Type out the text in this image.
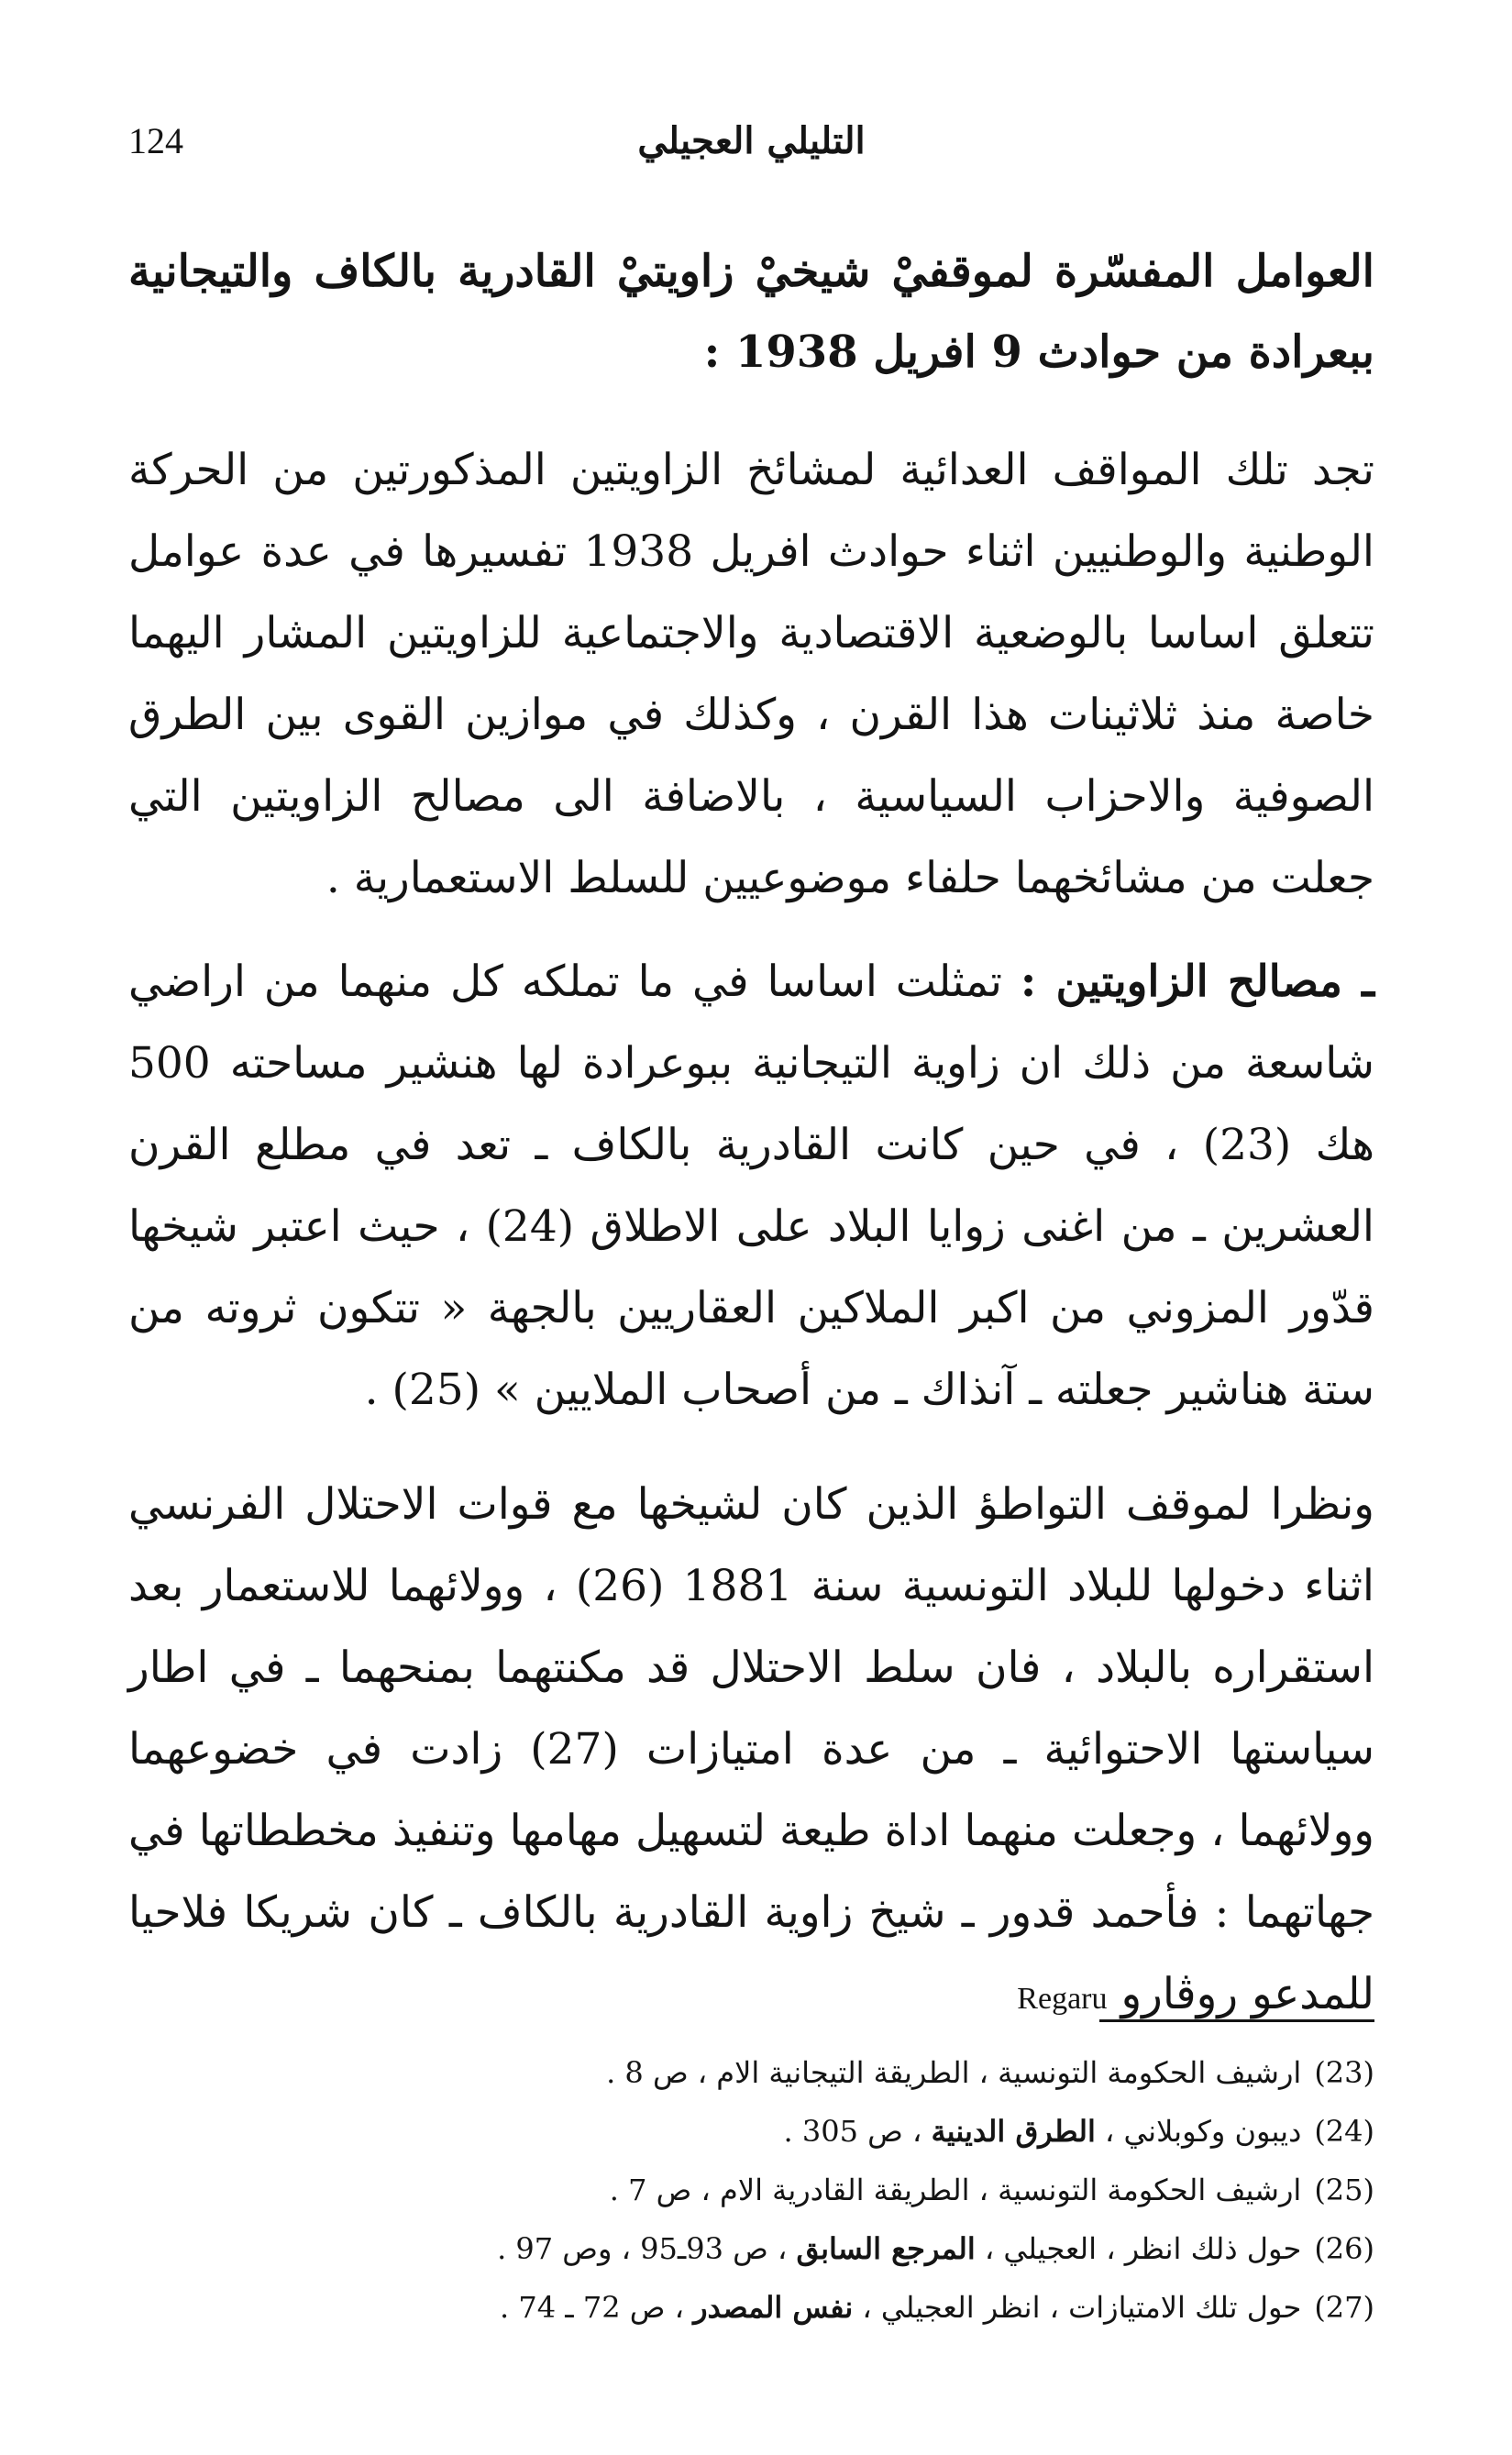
124	التليلي العجيلي
العوامل المفسّرة لموقفيْ شيخيْ زاويتيْ القادرية بالكاف والتيجانية ببعرادة من حوادث 9 افريل 1938 :

تجد تلك المواقف العدائية لمشائخ الزاويتين المذكورتين من الحركة الوطنية والوطنيين اثناء حوادث افريل 1938 تفسيرها في عدة عوامل تتعلق اساسا بالوضعية الاقتصادية والاجتماعية للزاويتين المشار اليهما خاصة منذ ثلاثينات هذا القرن ، وكذلك في موازين القوى بين الطرق الصوفية والاحزاب السياسية ، بالاضافة الى مصالح الزاويتين التي جعلت من مشائخهما حلفاء موضوعيين للسلط الاستعمارية .

ـ مصالح الزاويتين : تمثلت اساسا في ما تملكه كل منهما من اراضي شاسعة من ذلك ان زاوية التيجانية ببوعرادة لها هنشير مساحته 500 هك (23) ، في حين كانت القادرية بالكاف ـ تعد في مطلع القرن العشرين ـ من اغنى زوايا البلاد على الاطلاق (24) ، حيث اعتبر شيخها قدّور المزوني من اكبر الملاكين العقاريين بالجهة « تتكون ثروته من ستة هناشير جعلته ـ آنذاك ـ من أصحاب الملايين » (25) .

ونظرا لموقف التواطؤ الذين كان لشيخها مع قوات الاحتلال الفرنسي اثناء دخولها للبلاد التونسية سنة 1881 (26) ، وولائهما للاستعمار بعد استقراره بالبلاد ، فان سلط الاحتلال قد مكنتهما بمنحهما ـ في اطار سياستها الاحتوائية ـ من عدة امتيازات (27) زادت في خضوعهما وولائهما ، وجعلت منهما اداة طيعة لتسهيل مهامها وتنفيذ مخططاتها في جهاتهما : فأحمد قدور ـ شيخ زاوية القادرية بالكاف ـ كان شريكا فلاحيا للمدعو روڤارو Regaru

(23)ارشيف الحكومة التونسية ، الطريقة التيجانية الام ، ص 8 .

(24)ديبون وكوبلاني ، الطرق الدينية ، ص 305 .

(25)ارشيف الحكومة التونسية ، الطريقة القادرية الام ، ص 7 .

(26)حول ذلك انظر ، العجيلي ، المرجع السابق ، ص 93ـ95 ، وص 97 .

(27)حول تلك الامتيازات ، انظر العجيلي ، نفس المصدر ، ص 72 ـ 74 .
